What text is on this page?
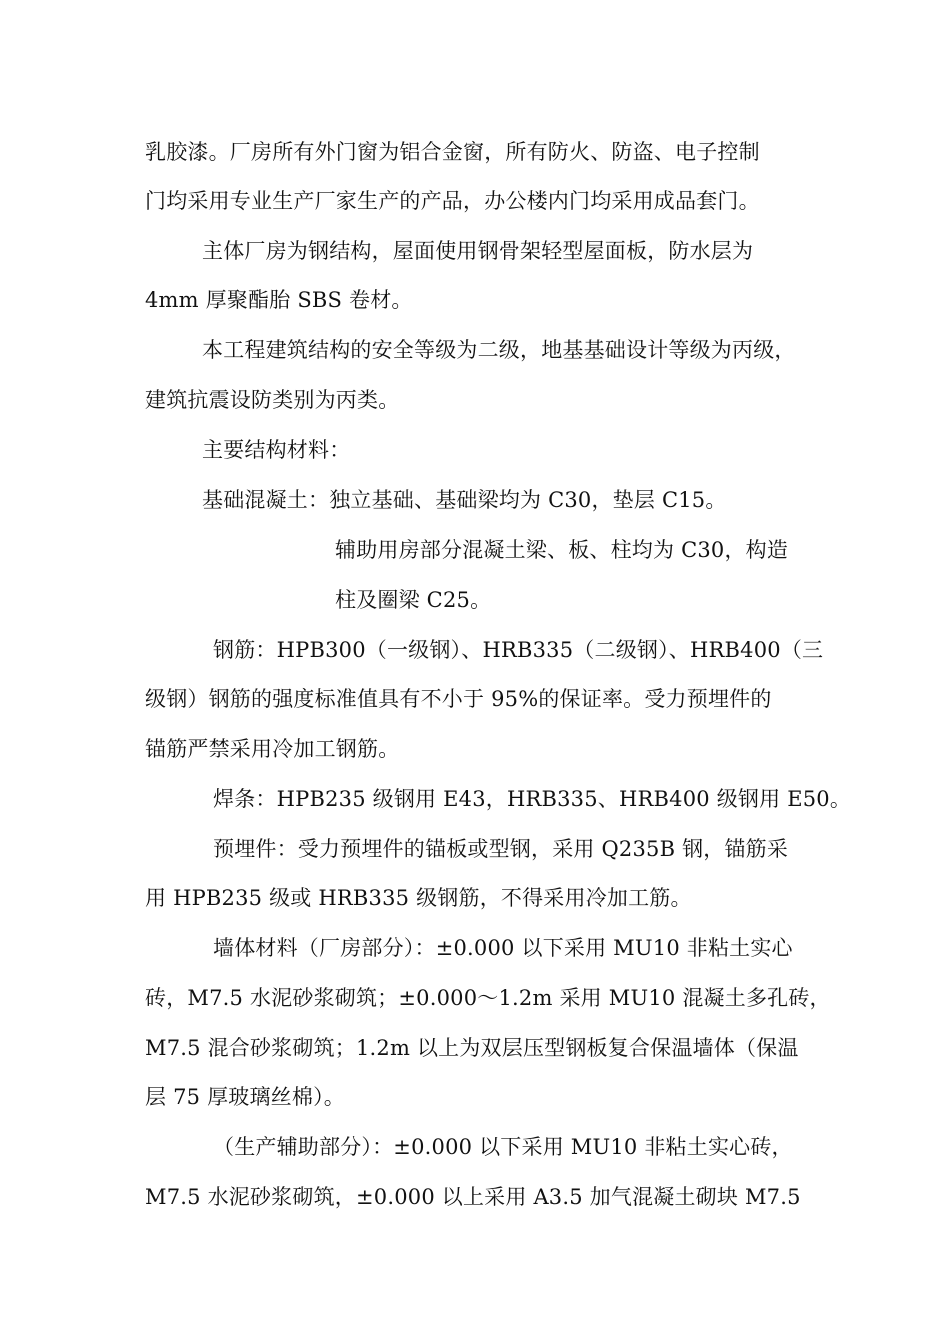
乳胶漆。厂房所有外门窗为铝合金窗，所有防火、防盗、电子控制
门均采用专业生产厂家生产的产品，办公楼内门均采用成品套门。
主体厂房为钢结构，屋面使用钢骨架轻型屋面板，防水层为
4mm 厚聚酯胎 SBS 卷材。
本工程建筑结构的安全等级为二级，地基基础设计等级为丙级，
建筑抗震设防类别为丙类。
主要结构材料：
基础混凝土：独立基础、基础梁均为 C30，垫层 C15。
辅助用房部分混凝土梁、板、柱均为 C30，构造
柱及圈梁 C25。
钢筋：HPB300（一级钢）、HRB335（二级钢）、HRB400（三
级钢）钢筋的强度标准值具有不小于 95%的保证率。受力预埋件的
锚筋严禁采用冷加工钢筋。
焊条：HPB235 级钢用 E43，HRB335、HRB400 级钢用 E50。
预埋件：受力预埋件的锚板或型钢，采用 Q235B 钢，锚筋采
用 HPB235 级或 HRB335 级钢筋，不得采用冷加工筋。
墙体材料（厂房部分）：±0.000 以下采用 MU10 非粘土实心
砖，M7.5 水泥砂浆砌筑；±0.000～1.2m 采用 MU10 混凝土多孔砖，
M7.5 混合砂浆砌筑；1.2m 以上为双层压型钢板复合保温墙体（保温
层 75 厚玻璃丝棉）。
（生产辅助部分）：±0.000 以下采用 MU10 非粘土实心砖，
M7.5 水泥砂浆砌筑，±0.000 以上采用 A3.5 加气混凝土砌块 M7.5
